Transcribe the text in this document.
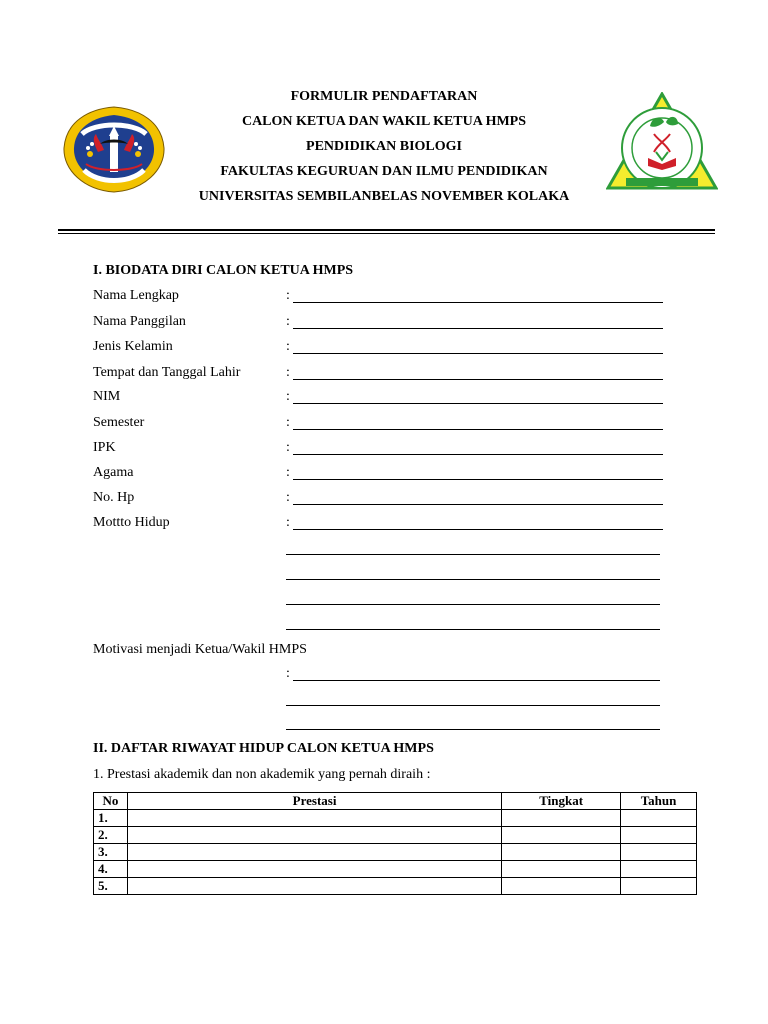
FORMULIR PENDAFTARAN
CALON KETUA DAN WAKIL KETUA HMPS
PENDIDIKAN BIOLOGI
FAKULTAS KEGURUAN DAN ILMU PENDIDIKAN
UNIVERSITAS SEMBILANBELAS NOVEMBER KOLAKA
I. BIODATA DIRI CALON KETUA HMPS
Nama Lengkap	:
Nama Panggilan	:
Jenis Kelamin	:
Tempat dan Tanggal Lahir	:
NIM	:
Semester	:
IPK	:
Agama	:
No. Hp	:
Mottto Hidup	:
Motivasi menjadi Ketua/Wakil HMPS
:
II. DAFTAR RIWAYAT HIDUP CALON KETUA HMPS
1. Prestasi akademik dan non akademik yang pernah diraih :
No	Prestasi	Tingkat	Tahun
1.			
2.			
3.			
4.			
5.			
